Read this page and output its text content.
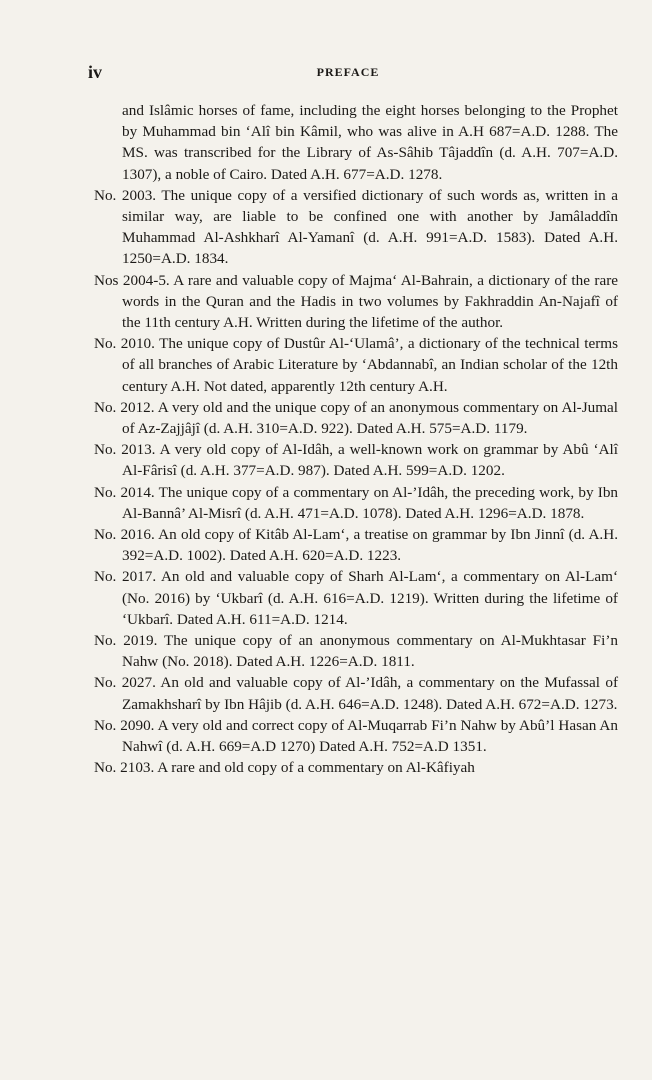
iv	PREFACE

and Islâmic horses of fame, including the eight horses belonging to the Prophet by Muhammad bin ‘Alî bin Kâmil, who was alive in A.H 687=A.D. 1288. The MS. was transcribed for the Library of As-Sâhib Tâjaddîn (d. A.H. 707=A.D. 1307), a noble of Cairo. Dated A.H. 677=A.D. 1278.

No. 2003. The unique copy of a versified dictionary of such words as, written in a similar way, are liable to be confined one with another by Jamâladdîn Muhammad Al-Ashkharî Al-Yamanî (d. A.H. 991=A.D. 1583). Dated A.H. 1250=A.D. 1834.

Nos 2004-5. A rare and valuable copy of Majma‘ Al-Bahrain, a dictionary of the rare words in the Quran and the Hadis in two volumes by Fakhraddin An-Najafî of the 11th century A.H. Written during the lifetime of the author.

No. 2010. The unique copy of Dustûr Al-‘Ulamâ’, a dictionary of the technical terms of all branches of Arabic Literature by ‘Abdannabî, an Indian scholar of the 12th century A.H. Not dated, apparently 12th century A.H.

No. 2012. A very old and the unique copy of an anonymous commentary on Al-Jumal of Az-Zajjâjî (d. A.H. 310=A.D. 922). Dated A.H. 575=A.D. 1179.

No. 2013. A very old copy of Al-Idâh, a well-known work on grammar by Abû ‘Alî Al-Fârisî (d. A.H. 377=A.D. 987). Dated A.H. 599=A.D. 1202.

No. 2014. The unique copy of a commentary on Al-’Idâh, the preceding work, by Ibn Al-Bannâ’ Al-Misrî (d. A.H. 471=A.D. 1078). Dated A.H. 1296=A.D. 1878.

No. 2016. An old copy of Kitâb Al-Lam‘, a treatise on grammar by Ibn Jinnî (d. A.H. 392=A.D. 1002). Dated A.H. 620=A.D. 1223.

No. 2017. An old and valuable copy of Sharh Al-Lam‘, a commentary on Al-Lam‘ (No. 2016) by ‘Ukbarî (d. A.H. 616=A.D. 1219). Written during the lifetime of ‘Ukbarî. Dated A.H. 611=A.D. 1214.

No. 2019. The unique copy of an anonymous commentary on Al-Mukhtasar Fi’n Nahw (No. 2018). Dated A.H. 1226=A.D. 1811.

No. 2027. An old and valuable copy of Al-’Idâh, a commentary on the Mufassal of Zamakhsharî by Ibn Hâjib (d. A.H. 646=A.D. 1248). Dated A.H. 672=A.D. 1273.

No. 2090. A very old and correct copy of Al-Muqarrab Fi’n Nahw by Abû’l Hasan An Nahwî (d. A.H. 669=A.D 1270) Dated A.H. 752=A.D 1351.

No. 2103. A rare and old copy of a commentary on Al-Kâfiyah
